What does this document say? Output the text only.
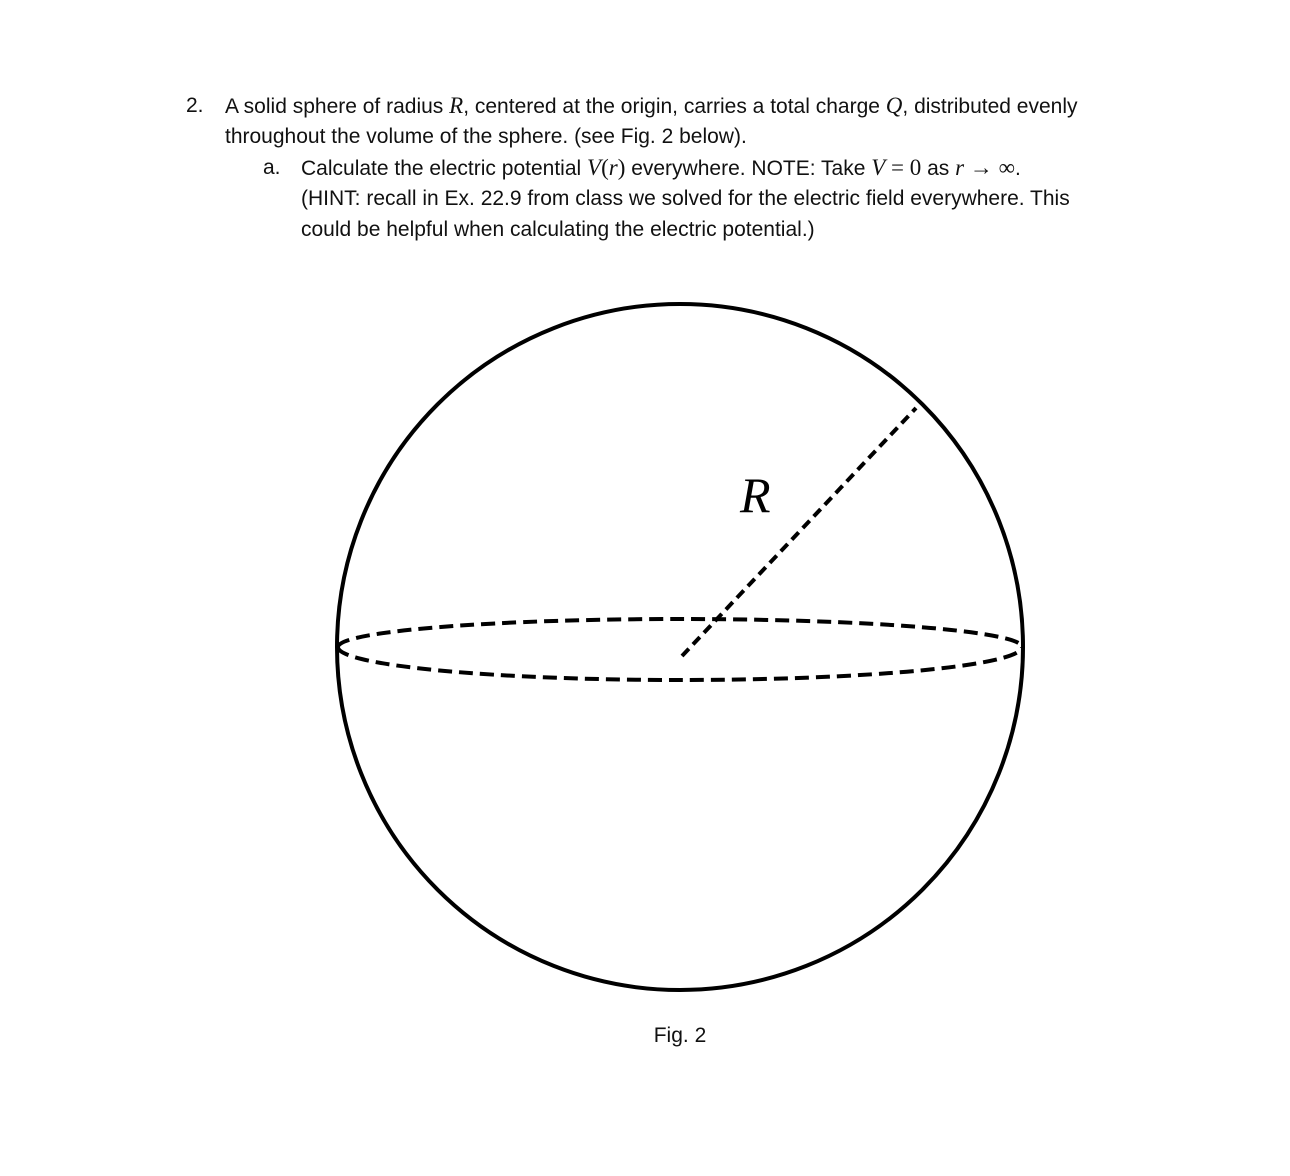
2. A solid sphere of radius R, centered at the origin, carries a total charge Q, distributed evenly
throughout the volume of the sphere. (see Fig. 2 below).
a. Calculate the electric potential V(r) everywhere. NOTE: Take V = 0 as r → ∞.
(HINT: recall in Ex. 22.9 from class we solved for the electric field everywhere. This
could be helpful when calculating the electric potential.)
R
Fig. 2
